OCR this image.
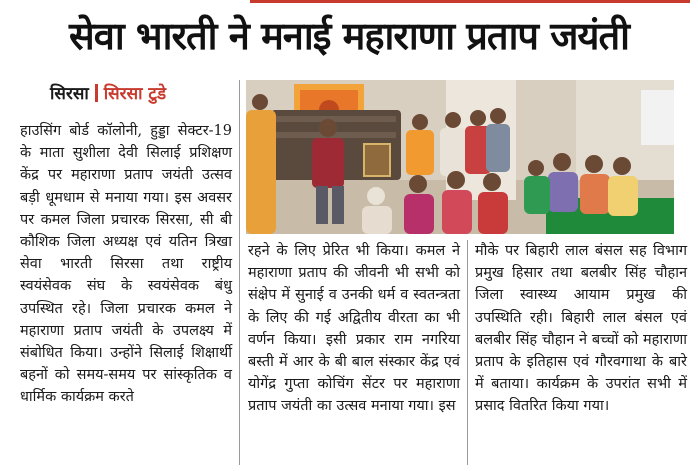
सेवा भारती ने मनाई महाराणा प्रताप जयंती
सिरसा सिरसा टुडे

हाउसिंग बोर्ड कॉलोनी, हुड्डा सेक्टर-19 के माता सुशीला देवी सिलाई प्रशिक्षण केंद्र पर महाराणा प्रताप जयंती उत्सव बड़ी धूमधाम से मनाया गया। इस अवसर पर कमल जिला प्रचारक सिरसा, सी बी कौशिक जिला अध्यक्ष एवं यतिन त्रिखा सेवा भारती सिरसा तथा राष्ट्रीय स्वयंसेवक संघ के स्वयंसेवक बंधु उपस्थित रहे। जिला प्रचारक कमल ने महाराणा प्रताप जयंती के उपलक्ष्य में संबोधित किया। उन्होंने सिलाई शिक्षार्थी बहनों को समय-समय पर सांस्कृतिक व धार्मिक कार्यक्रम करते

रहने के लिए प्रेरित भी किया। कमल ने महाराणा प्रताप की जीवनी भी सभी को संक्षेप में सुनाई व उनकी धर्म व स्वतन्त्रता के लिए की गई अद्वितीय वीरता का भी वर्णन किया। इसी प्रकार राम नगरिया बस्ती में आर के बी बाल संस्कार केंद्र एवं योगेंद्र गुप्ता कोचिंग सेंटर पर महाराणा प्रताप जयंती का उत्सव मनाया गया। इस

मौके पर बिहारी लाल बंसल सह विभाग प्रमुख हिसार तथा बलबीर सिंह चौहान जिला स्वास्थ्य आयाम प्रमुख की उपस्थिति रही। बिहारी लाल बंसल एवं बलबीर सिंह चौहान ने बच्चों को महाराणा प्रताप के इतिहास एवं गौरवगाथा के बारे में बताया। कार्यक्रम के उपरांत सभी में प्रसाद वितरित किया गया।
